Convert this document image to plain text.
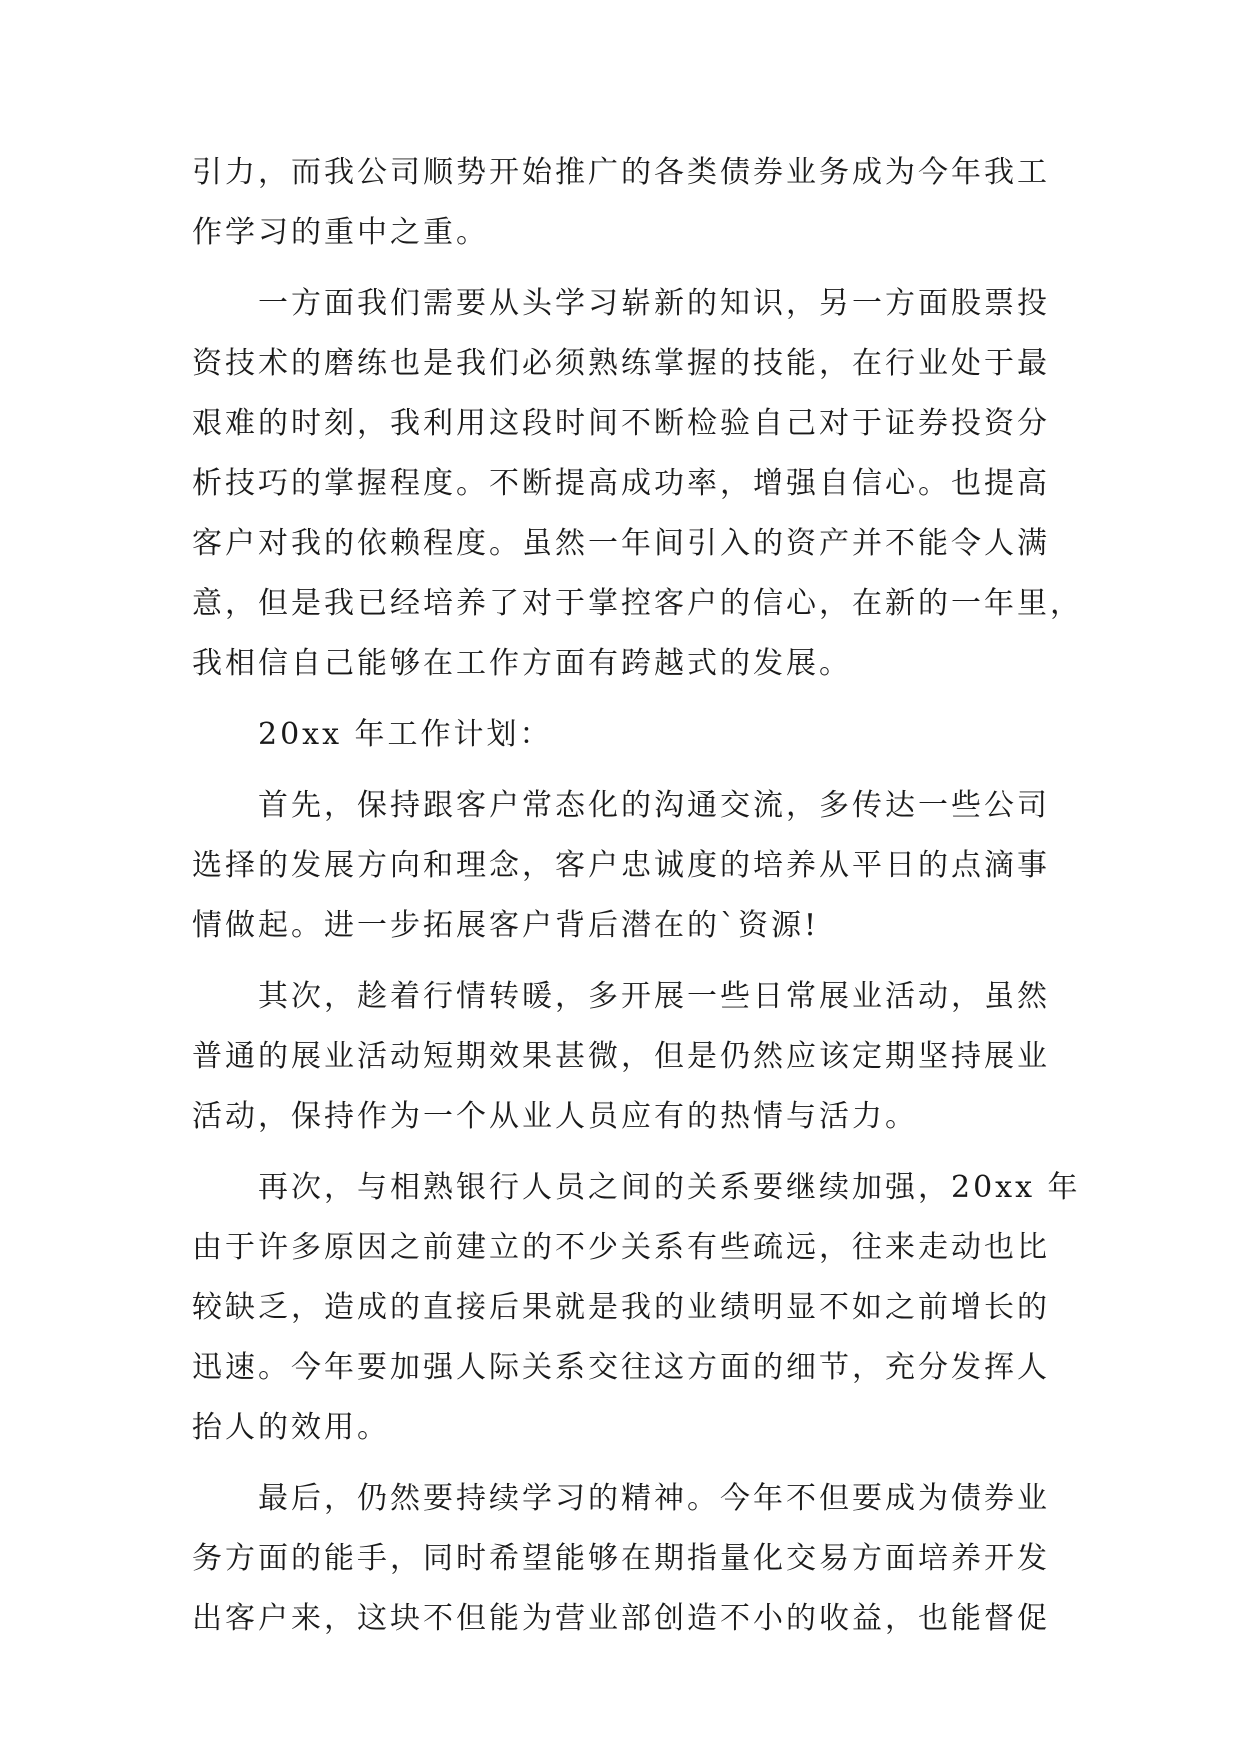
引力，而我公司顺势开始推广的各类债券业务成为今年我工
作学习的重中之重。
一方面我们需要从头学习崭新的知识，另一方面股票投
资技术的磨练也是我们必须熟练掌握的技能，在行业处于最
艰难的时刻，我利用这段时间不断检验自己对于证券投资分
析技巧的掌握程度。不断提高成功率，增强自信心。也提高
客户对我的依赖程度。虽然一年间引入的资产并不能令人满
意，但是我已经培养了对于掌控客户的信心，在新的一年里，
我相信自己能够在工作方面有跨越式的发展。
20xx 年工作计划：
首先，保持跟客户常态化的沟通交流，多传达一些公司
选择的发展方向和理念，客户忠诚度的培养从平日的点滴事
情做起。进一步拓展客户背后潜在的`资源!
其次，趁着行情转暖，多开展一些日常展业活动，虽然
普通的展业活动短期效果甚微，但是仍然应该定期坚持展业
活动，保持作为一个从业人员应有的热情与活力。
再次，与相熟银行人员之间的关系要继续加强，20xx 年
由于许多原因之前建立的不少关系有些疏远，往来走动也比
较缺乏，造成的直接后果就是我的业绩明显不如之前增长的
迅速。今年要加强人际关系交往这方面的细节，充分发挥人
抬人的效用。
最后，仍然要持续学习的精神。今年不但要成为债券业
务方面的能手，同时希望能够在期指量化交易方面培养开发
出客户来，这块不但能为营业部创造不小的收益，也能督促
